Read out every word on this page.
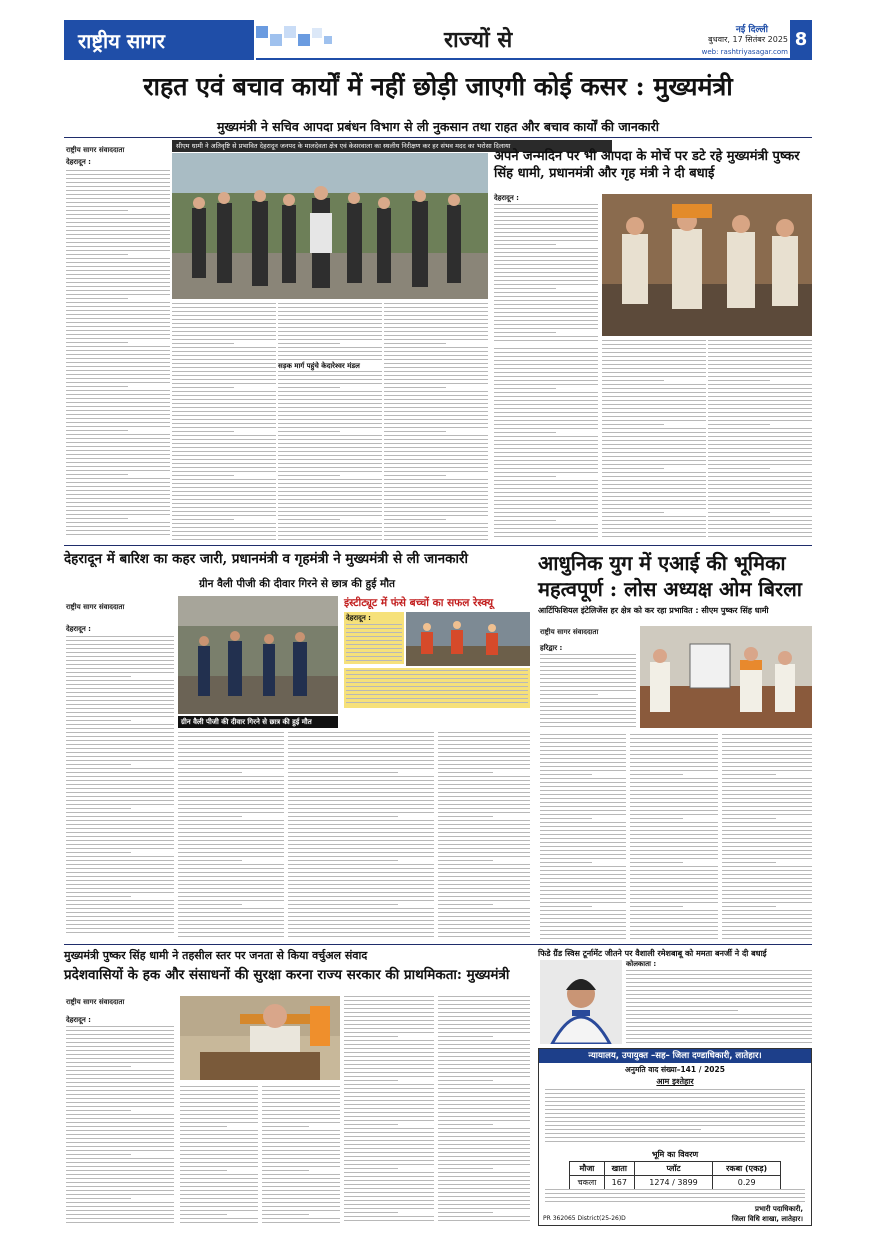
राष्ट्रीय सागर	राज्यों से	नई दिल्ली
बुधवार, 17 सितंबर 2025 8
web: rashtriyasagar.com
राहत एवं बचाव कार्यों में नहीं छोड़ी जाएगी कोई कसर : मुख्यमंत्री
मुख्यमंत्री ने सचिव आपदा प्रबंधन विभाग से ली नुकसान तथा राहत और बचाव कार्यों की जानकारी
सीएम धामी ने अतिवृष्टि से प्रभावित देहरादून जनपद के मालदेवता क्षेत्र एवं केसरवाला का स्थलीय निरीक्षण कर हर संभव मदद का भरोसा दिलाया
राष्ट्रीय सागर संवाददाता
देहरादून :
सड़क मार्ग पहुंचे केदारेश्वर मंडल
अपने जन्मदिन पर भी आपदा के मोर्चे पर डटे रहे मुख्यमंत्री पुष्कर सिंह धामी, प्रधानमंत्री और गृह मंत्री ने दी बधाई
देहरादून :
देहरादून में बारिश का कहर जारी, प्रधानमंत्री व गृहमंत्री ने मुख्यमंत्री से ली जानकारी
ग्रीन वैली पीजी की दीवार गिरने से छात्र की हुई मौत
राष्ट्रीय सागर संवाददाता
देहरादून :
ग्रीन वैली पीजी की दीवार गिरने से छात्र की हुई मौत
इंस्टीट्यूट में फंसे बच्चों का सफल रेस्क्यू
देहरादून :
आधुनिक युग में एआई की भूमिका महत्वपूर्ण : लोस अध्यक्ष ओम बिरला
आर्टिफिशियल इंटेलिजेंस हर क्षेत्र को कर रहा प्रभावित : सीएम पुष्कर सिंह धामी
राष्ट्रीय सागर संवाददाता
हरिद्वार :
मुख्यमंत्री पुष्कर सिंह धामी ने तहसील स्तर पर जनता से किया वर्चुअल संवाद
प्रदेशवासियों के हक और संसाधनों की सुरक्षा करना राज्य सरकार की प्राथमिकता: मुख्यमंत्री
राष्ट्रीय सागर संवाददाता
देहरादून :
फिडे ग्रैंड स्विस टूर्नामेंट जीतने पर वैशाली रमेशबाबू को ममता बनर्जी ने दी बधाई
कोलकाता :
न्यायालय, उपायुक्त –सह– जिला दण्डाधिकारी, लातेहार।
अनुमति वाद संख्या–141 / 2025
आम इश्तेहार
भूमि का विवरण
मौजा	खाता	प्लॉट	रकबा (एकड़)
चकला	167	1274 / 3899	0.29
प्रभारी पदाधिकारी,
जिला विधि शाखा, लातेहार।
PR 362065 District(25-26)D
